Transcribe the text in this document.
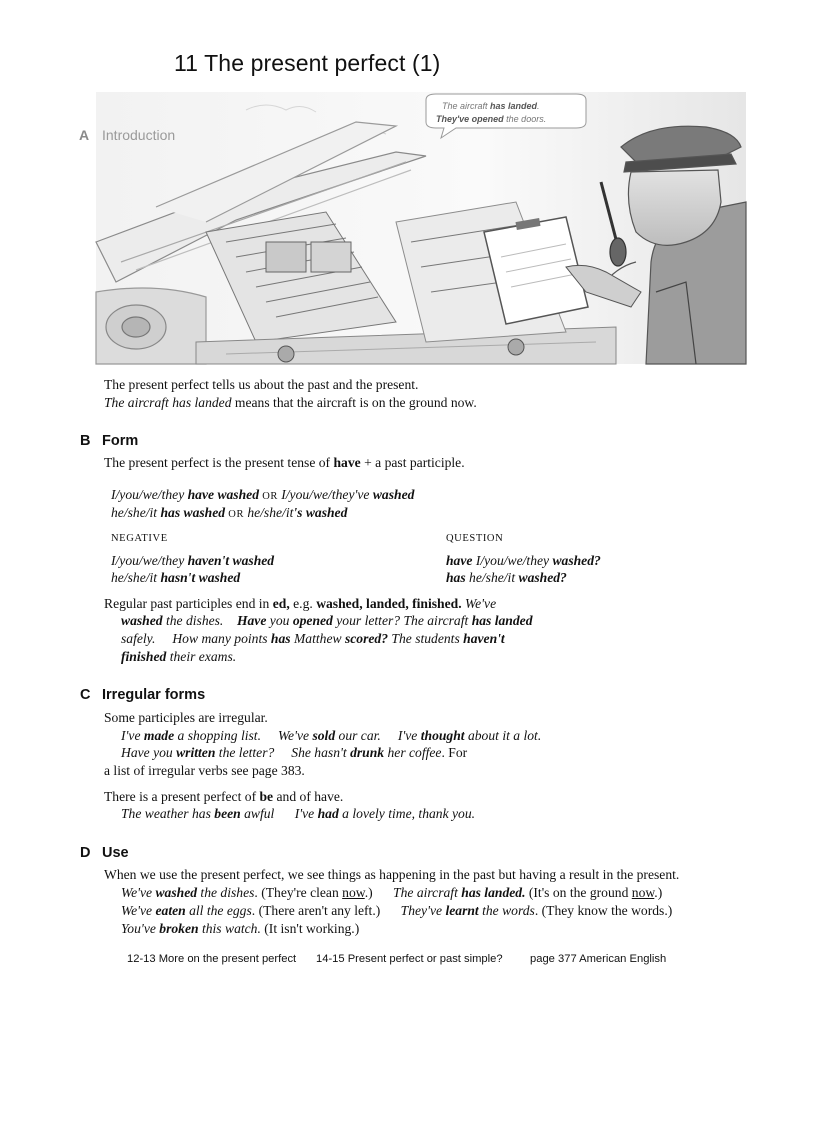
11 The present perfect (1)
The aircraft has landed.
They've opened the doors.
A Introduction
The present perfect tells us about the past and the present.
The aircraft has landed means that the aircraft is on the ground now.
B Form
The present perfect is the present tense of have + a past participle.
I/you/we/they have washed OR I/you/we/they've washed
he/she/it has washed OR he/she/it's washed
NEGATIVE	QUESTION
I/you/we/they haven't washed
he/she/it hasn't washed
have I/you/we/they washed?
has he/she/it washed?
Regular past participles end in ed, e.g. washed, landed, finished. We've
washed the dishes. Have you opened your letter? The aircraft has landed
safely. How many points has Matthew scored? The students haven't
finished their exams.
C Irregular forms
Some participles are irregular.
I've made a shopping list. We've sold our car. I've thought about it a lot.
Have you written the letter? She hasn't drunk her coffee. For
a list of irregular verbs see page 383.
There is a present perfect of be and of have.
The weather has been awful I've had a lovely time, thank you.
D Use
When we use the present perfect, we see things as happening in the past but having a result in the present.
We've washed the dishes. (They're clean now.) The aircraft has landed. (It's on the ground now.)
We've eaten all the eggs. (There aren't any left.) They've learnt the words. (They know the words.)
You've broken this watch. (It isn't working.)
12-13 More on the present perfect 14-15 Present perfect or past simple? page 377 American English
